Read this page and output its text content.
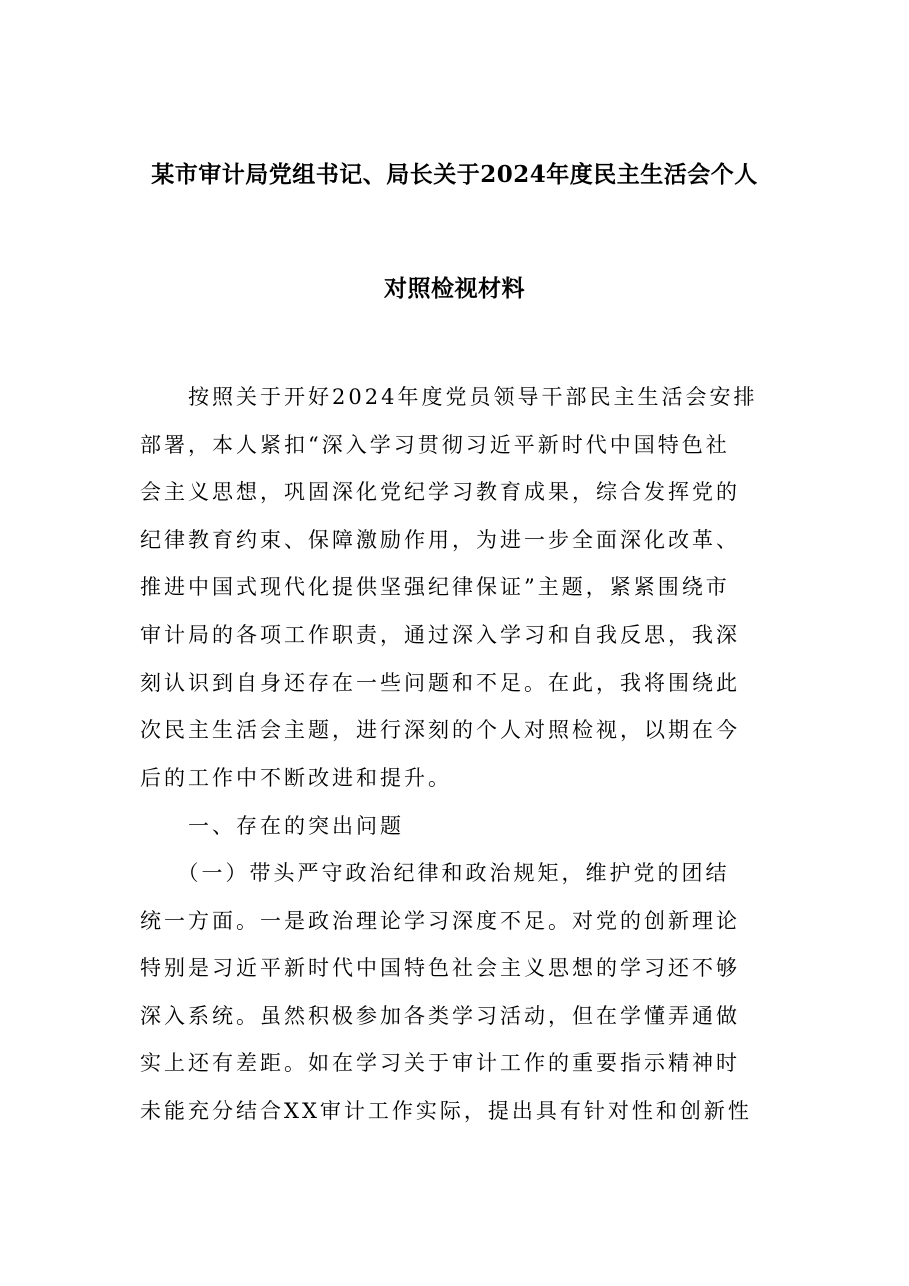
某市审计局党组书记、局长关于2024年度民主生活会个人
对照检视材料
　　按照关于开好2024年度党员领导干部民主生活会安排
部署，本人紧扣“深入学习贯彻习近平新时代中国特色社
会主义思想，巩固深化党纪学习教育成果，综合发挥党的
纪律教育约束、保障激励作用，为进一步全面深化改革、
推进中国式现代化提供坚强纪律保证”主题，紧紧围绕市
审计局的各项工作职责，通过深入学习和自我反思，我深
刻认识到自身还存在一些问题和不足。在此，我将围绕此
次民主生活会主题，进行深刻的个人对照检视，以期在今
后的工作中不断改进和提升。
　　一、存在的突出问题
　　（一）带头严守政治纪律和政治规矩，维护党的团结
统一方面。一是政治理论学习深度不足。对党的创新理论
特别是习近平新时代中国特色社会主义思想的学习还不够
深入系统。虽然积极参加各类学习活动，但在学懂弄通做
实上还有差距。如在学习关于审计工作的重要指示精神时
未能充分结合XX审计工作实际，提出具有针对性和创新性
